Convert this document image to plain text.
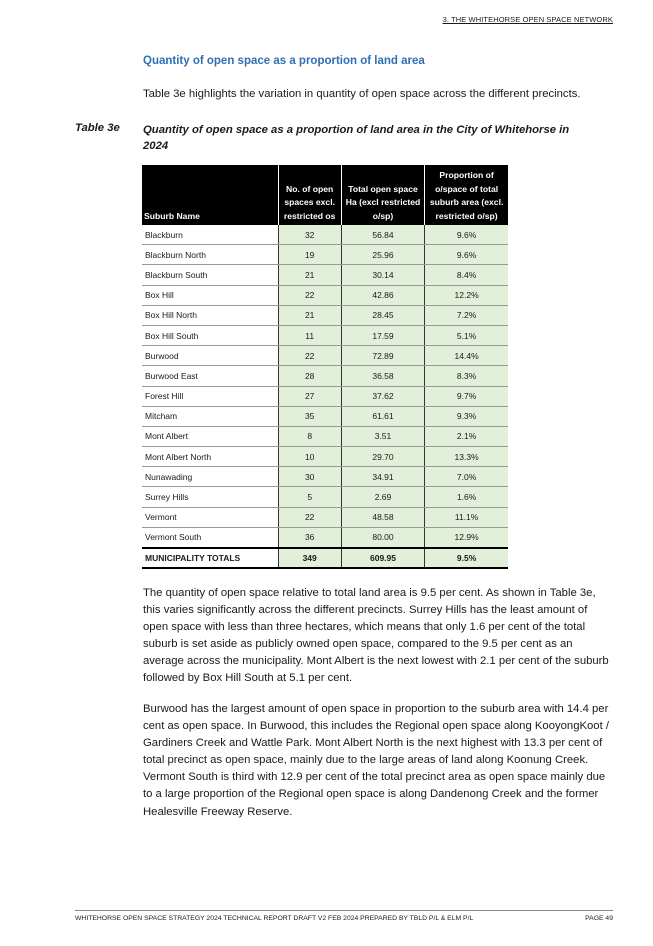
3. THE WHITEHORSE OPEN SPACE NETWORK
Quantity of open space as a proportion of land area
Table 3e highlights the variation in quantity of open space across the different precincts.
Table 3e Quantity of open space as a proportion of land area in the City of Whitehorse in 2024
Suburb Name	No. of open spaces excl. restricted os	Total open space Ha (excl restricted o/sp)	Proportion of o/space of total suburb area (excl. restricted o/sp)
Blackburn	32	56.84	9.6%
Blackburn North	19	25.96	9.6%
Blackburn South	21	30.14	8.4%
Box Hill	22	42.86	12.2%
Box Hill North	21	28.45	7.2%
Box Hill South	11	17.59	5.1%
Burwood	22	72.89	14.4%
Burwood East	28	36.58	8.3%
Forest Hill	27	37.62	9.7%
Mitcham	35	61.61	9.3%
Mont Albert	8	3.51	2.1%
Mont Albert North	10	29.70	13.3%
Nunawading	30	34.91	7.0%
Surrey Hills	5	2.69	1.6%
Vermont	22	48.58	11.1%
Vermont South	36	80.00	12.9%
MUNICIPALITY TOTALS	349	609.95	9.5%
The quantity of open space relative to total land area is 9.5 per cent. As shown in Table 3e, this varies significantly across the different precincts. Surrey Hills has the least amount of open space with less than three hectares, which means that only 1.6 per cent of the total suburb is set aside as publicly owned open space, compared to the 9.5 per cent as an average across the municipality. Mont Albert is the next lowest with 2.1 per cent of the suburb followed by Box Hill South at 5.1 per cent.
Burwood has the largest amount of open space in proportion to the suburb area with 14.4 per cent as open space. In Burwood, this includes the Regional open space along KooyongKoot / Gardiners Creek and Wattle Park. Mont Albert North is the next highest with 13.3 per cent of total precinct as open space, mainly due to the large areas of land along Koonung Creek. Vermont South is third with 12.9 per cent of the total precinct area as open space mainly due to a large proportion of the Regional open space is along Dandenong Creek and the former Healesville Freeway Reserve.
WHITEHORSE OPEN SPACE STRATEGY 2024 TECHNICAL REPORT DRAFT V2 FEB 2024 PREPARED BY TBLD P/L & ELM P/L	PAGE 49
